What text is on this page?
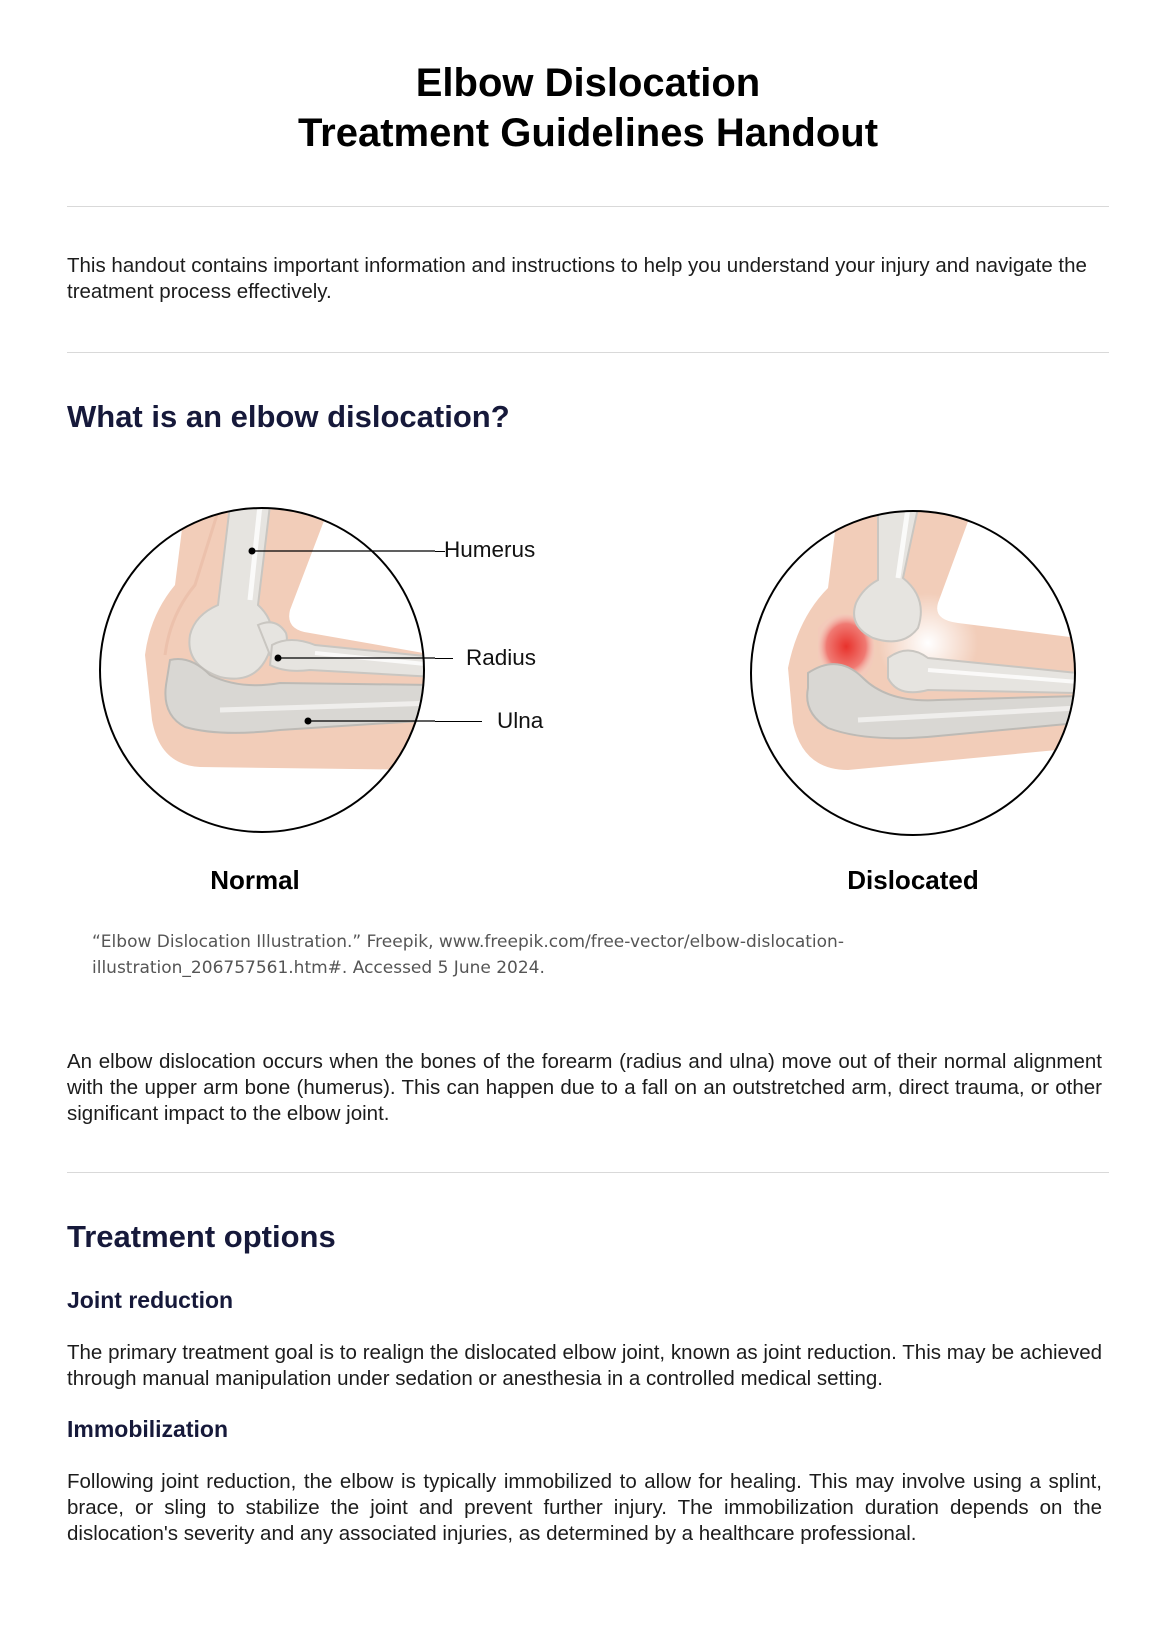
Elbow Dislocation
Treatment Guidelines Handout

This handout contains important information and instructions to help you understand your injury and navigate the treatment process effectively.

What is an elbow dislocation?
Humerus
Radius
Ulna
Normal	Dislocated

“Elbow Dislocation Illustration.” Freepik, www.freepik.com/free-vector/elbow-dislocation-illustration_206757561.htm#. Accessed 5 June 2024.

An elbow dislocation occurs when the bones of the forearm (radius and ulna) move out of their normal alignment with the upper arm bone (humerus). This can happen due to a fall on an outstretched arm, direct trauma, or other significant impact to the elbow joint.

Treatment options
Joint reduction

The primary treatment goal is to realign the dislocated elbow joint, known as joint reduction. This may be achieved through manual manipulation under sedation or anesthesia in a controlled medical setting.

Immobilization

Following joint reduction, the elbow is typically immobilized to allow for healing. This may involve using a splint, brace, or sling to stabilize the joint and prevent further injury. The immobilization duration depends on the dislocation's severity and any associated injuries, as determined by a healthcare professional.
